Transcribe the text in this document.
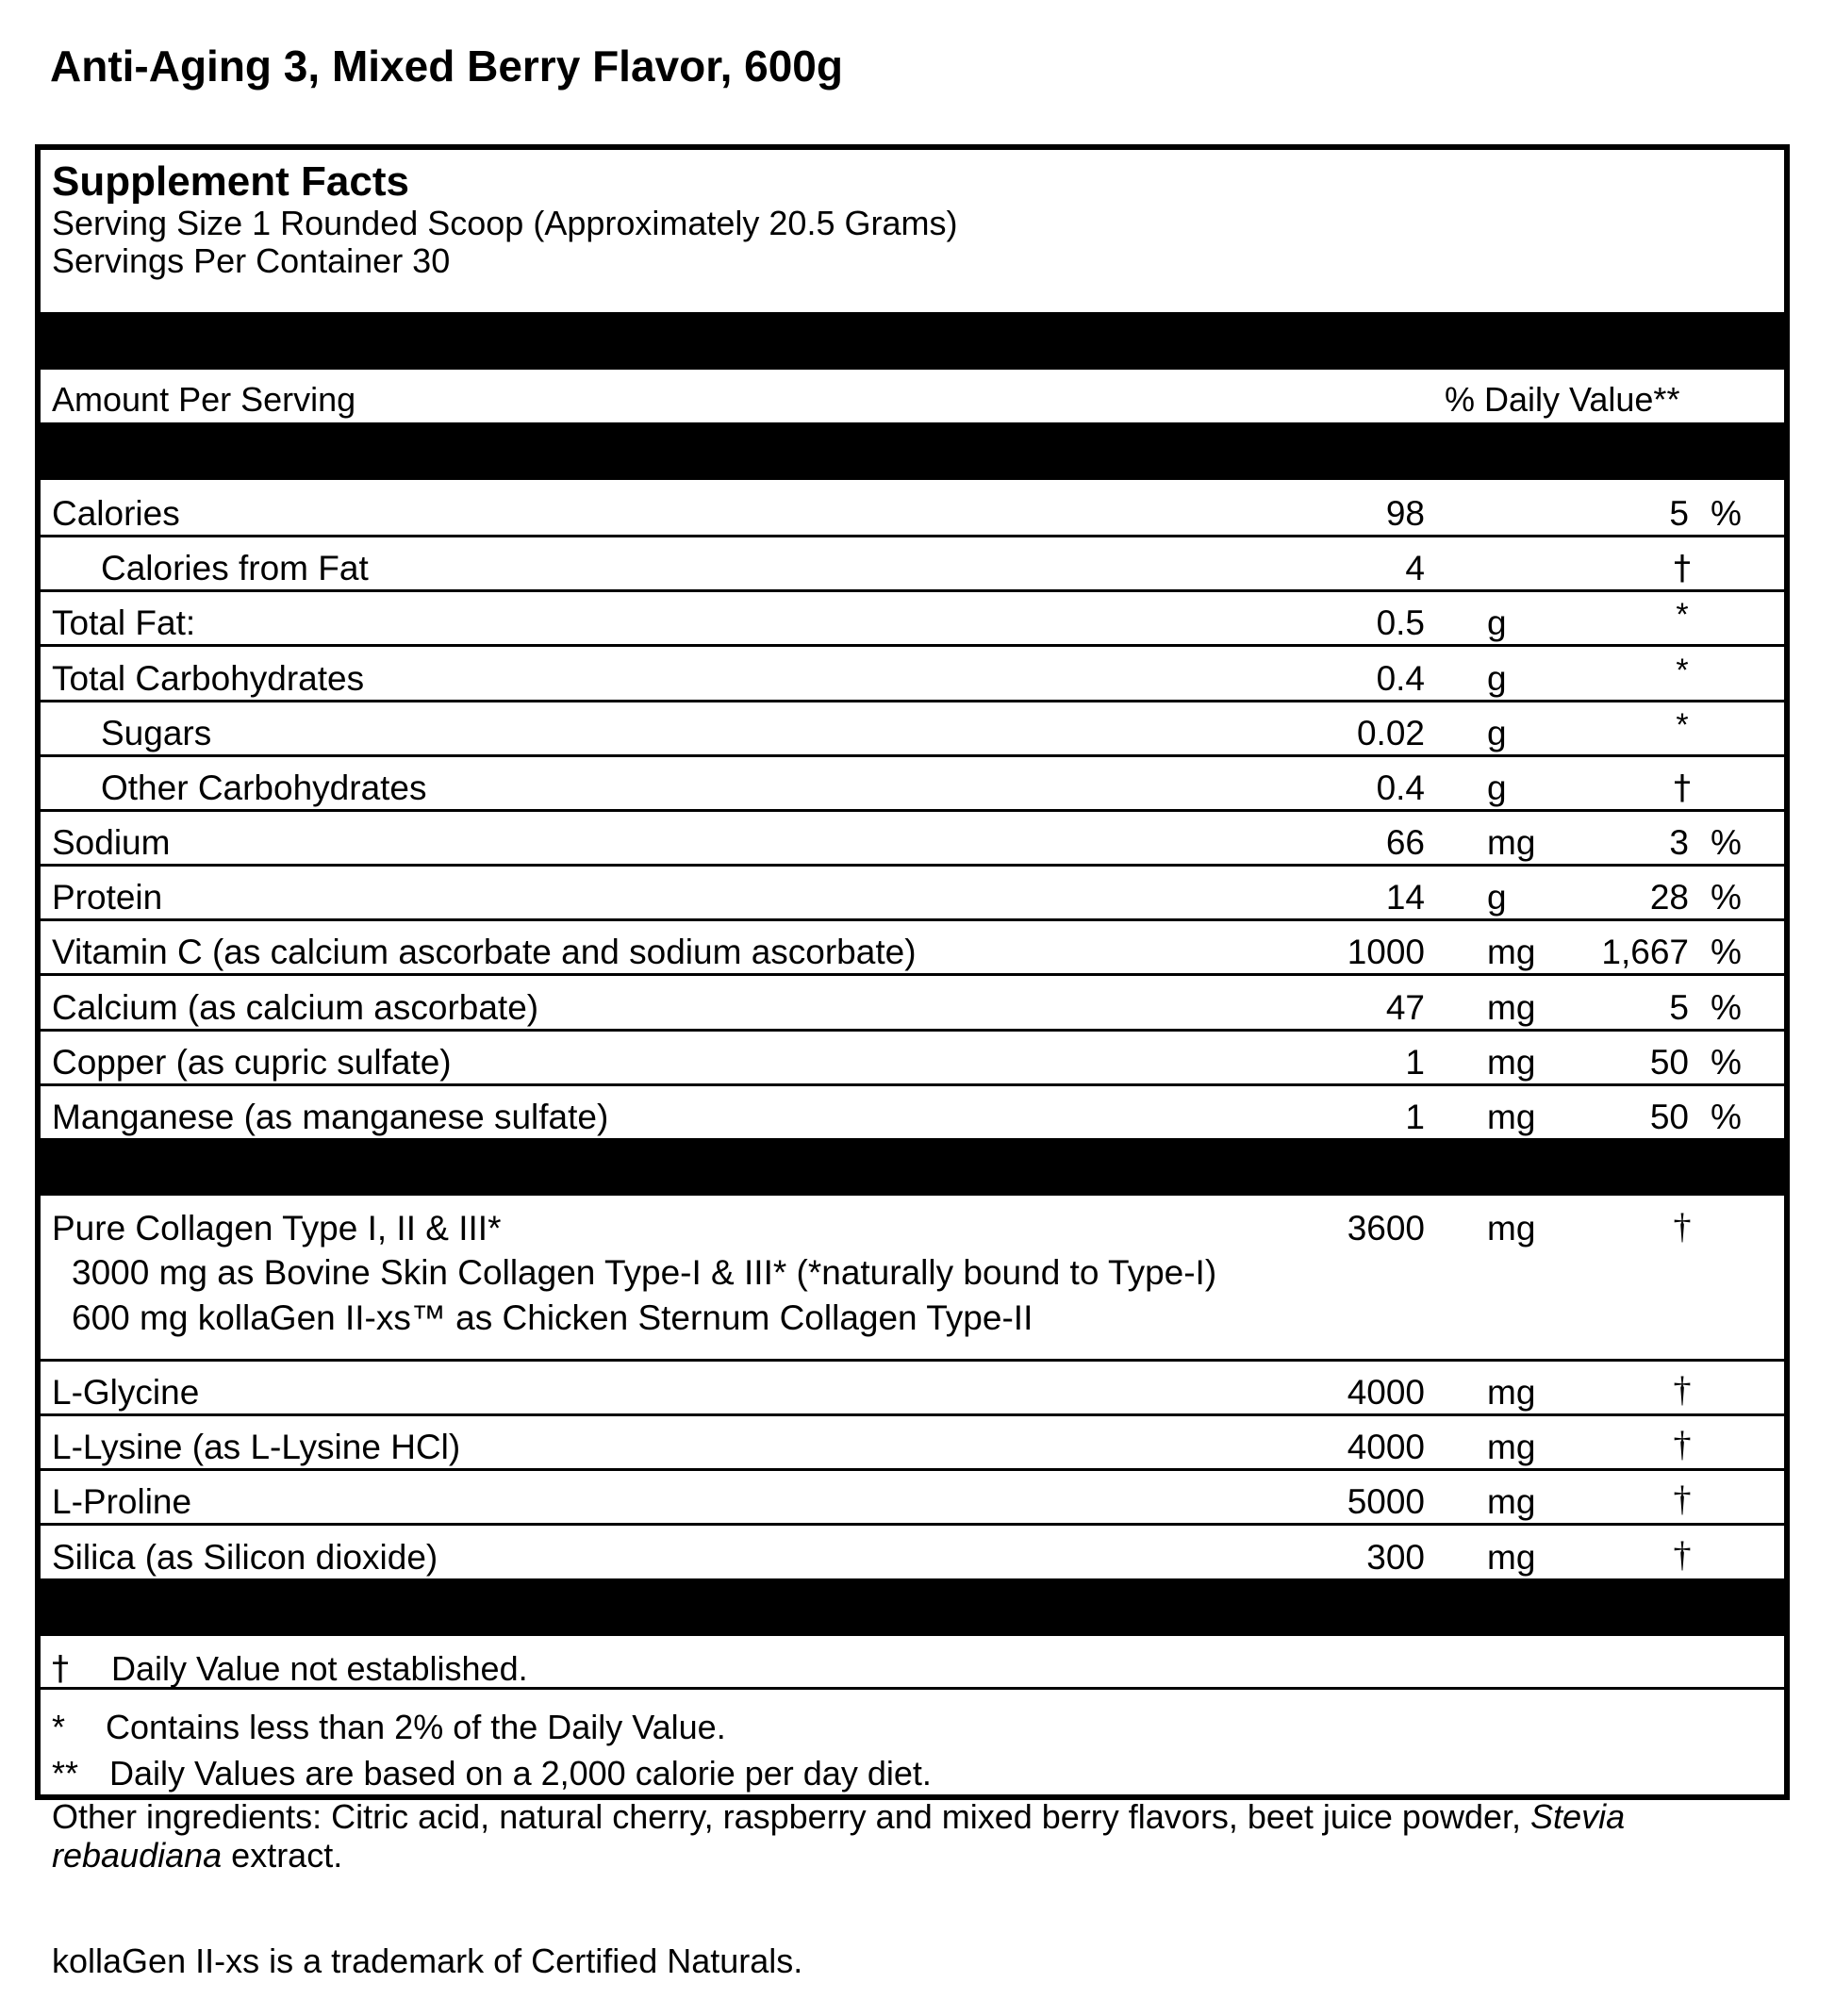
Anti-Aging 3, Mixed Berry Flavor, 600g
Supplement Facts
Serving Size 1 Rounded Scoop (Approximately 20.5 Grams)
Servings Per Container 30
Amount Per Serving	% Daily Value**
Calories	98	5 %
Calories from Fat	4	†
Total Fat:	0.5 g	*
Total Carbohydrates	0.4 g	*
Sugars	0.02 g	*
Other Carbohydrates	0.4 g	†
Sodium	66 mg	3 %
Protein	14 g	28 %
Vitamin C (as calcium ascorbate and sodium ascorbate)	1000 mg 1,667 %
Calcium (as calcium ascorbate)	47 mg	5 %
Copper (as cupric sulfate)	1 mg	50 %
Manganese (as manganese sulfate)	1 mg	50 %
Pure Collagen Type I, II & III*	3600 mg	†
3000 mg as Bovine Skin Collagen Type-I & III* (*naturally bound to Type-I)
600 mg kollaGen II-xs™ as Chicken Sternum Collagen Type-II
L-Glycine	4000 mg	†
L-Lysine (as L-Lysine HCl)	4000 mg	†
L-Proline	5000 mg	†
Silica (as Silicon dioxide)	300 mg	†
† Daily Value not established.
* Contains less than 2% of the Daily Value.
** Daily Values are based on a 2,000 calorie per day diet.
Other ingredients: Citric acid, natural cherry, raspberry and mixed berry flavors, beet juice powder, Stevia rebaudiana extract.
kollaGen II-xs is a trademark of Certified Naturals.
